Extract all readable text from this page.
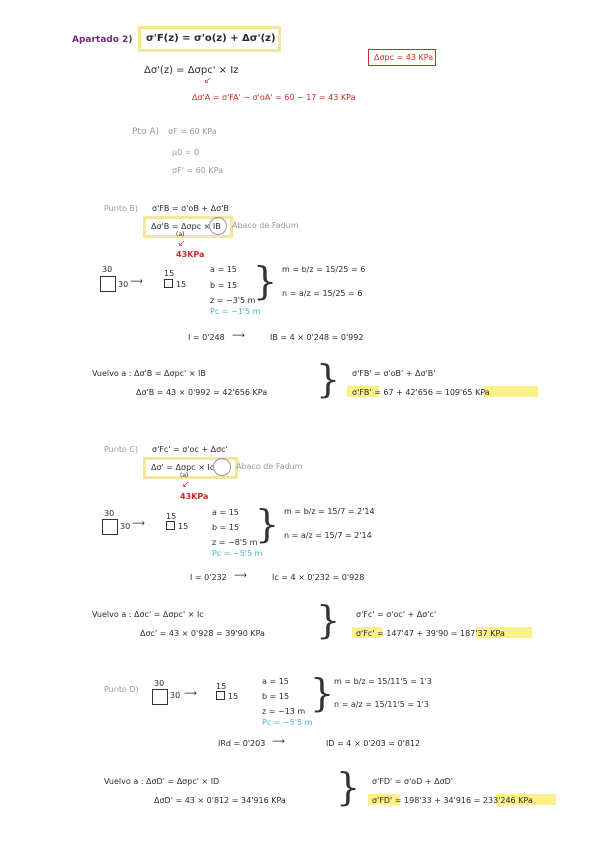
Apartado 2) σ'F(z) = σ'o(z) + Δσ'(z)
Δσpc = 43 KPa
Δσ'(z) = Δσpc' × Iz
↙
Δσ'A = σ'FA' − σ'oA' = 60 − 17 = 43 KPa
Pto A) σF = 60 KPa
μ0 = 0
σF' = 60 KPa
Punto B) σ'FB = σ'oB + Δσ'B
Δσ'B = Δσpc × IB Ábaco de Fadum
(a)
↙
43KPa
30
30 ⟶
15
15
a = 15
b = 15
z = −3'5 m
Pc = −1'5 m
} m = b/z = 15/25 = 6
n = a/z = 15/25 = 6
I = 0'248 ⟶	IB = 4 × 0'248 = 0'992
Vuelvo a : Δσ'B = Δσpc' × IB
Δσ'B = 43 × 0'992 = 42'656 KPa } σ'FB' = σ'oB' + Δσ'B'
σ'FB' = 67 + 42'656 = 109'65 KPa
Punto C) σ'Fc' = σ'oc + Δσc'
Δσ' = Δσpc × Ic	Ábaco de Fadum
(a)
↙
43KPa
30
30 ⟶
15
15
a = 15
b = 15
z = −8'5 m
Pc = −5'5 m
} m = b/z = 15/7 = 2'14
n = a/z = 15/7 = 2'14
I = 0'232 ⟶	Ic = 4 × 0'232 = 0'928
Vuelvo a : Δσc' = Δσpc' × Ic
Δσc' = 43 × 0'928 = 39'90 KPa } σ'Fc' = σ'oc' + Δσ'c'
σ'Fc' = 147'47 + 39'90 = 187'37 KPa
Punto D)
30
30 ⟶
15
15
a = 15
b = 15
z = −13 m
Pc = −5'5 m
} m = b/z = 15/11'5 = 1'3
n = a/z = 15/11'5 = 1'3
IRd = 0'203 ⟶	ID = 4 × 0'203 = 0'812
Vuelvo a : ΔσD' = Δσpc' × ID
ΔσD' = 43 × 0'812 = 34'916 KPa } σ'FD' = σ'oD + ΔσD'
σ'FD' = 198'33 + 34'916 = 233'246 KPa
